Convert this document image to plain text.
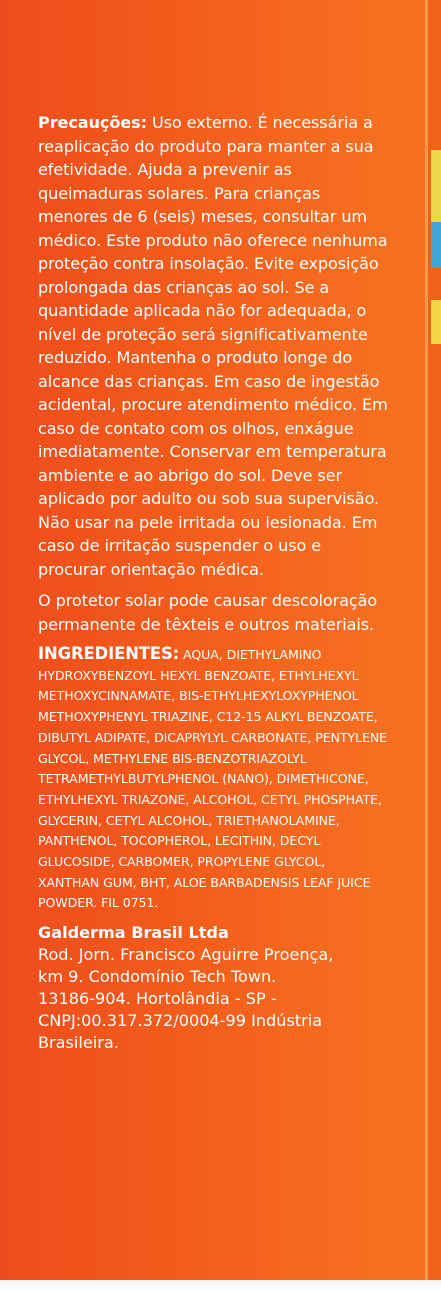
Precauções: Uso externo. É necessária a reaplicação do produto para manter a sua efetividade. Ajuda a prevenir as queimaduras solares. Para crianças menores de 6 (seis) meses, consultar um médico. Este produto não oferece nenhuma proteção contra insolação. Evite exposição prolongada das crianças ao sol. Se a quantidade aplicada não for adequada, o nível de proteção será significativamente reduzido. Mantenha o produto longe do alcance das crianças. Em caso de ingestão acidental, procure atendimento médico. Em caso de contato com os olhos, enxágue imediatamente. Conservar em temperatura ambiente e ao abrigo do sol. Deve ser aplicado por adulto ou sob sua supervisão. Não usar na pele irritada ou lesionada. Em caso de irritação suspender o uso e procurar orientação médica.

O protetor solar pode causar descoloração permanente de têxteis e outros materiais.

INGREDIENTES: AQUA, DIETHYLAMINO HYDROXYBENZOYL HEXYL BENZOATE, ETHYLHEXYL METHOXYCINNAMATE, BIS-ETHYLHEXYLOXYPHENOL METHOXYPHENYL TRIAZINE, C12-15 ALKYL BENZOATE, DIBUTYL ADIPATE, DICAPRYLYL CARBONATE, PENTYLENE GLYCOL, METHYLENE BIS-BENZOTRIAZOLYL TETRAMETHYLBUTYLPHENOL (NANO), DIMETHICONE, ETHYLHEXYL TRIAZONE, ALCOHOL, CETYL PHOSPHATE, GLYCERIN, CETYL ALCOHOL, TRIETHANOLAMINE, PANTHENOL, TOCOPHEROL, LECITHIN, DECYL GLUCOSIDE, CARBOMER, PROPYLENE GLYCOL, XANTHAN GUM, BHT, ALOE BARBADENSIS LEAF JUICE POWDER. FIL 0751.

Galderma Brasil Ltda
Rod. Jorn. Francisco Aguirre Proença,
km 9. Condomínio Tech Town.
13186-904. Hortolândia - SP -
CNPJ:00.317.372/0004-99 Indústria
Brasileira.
